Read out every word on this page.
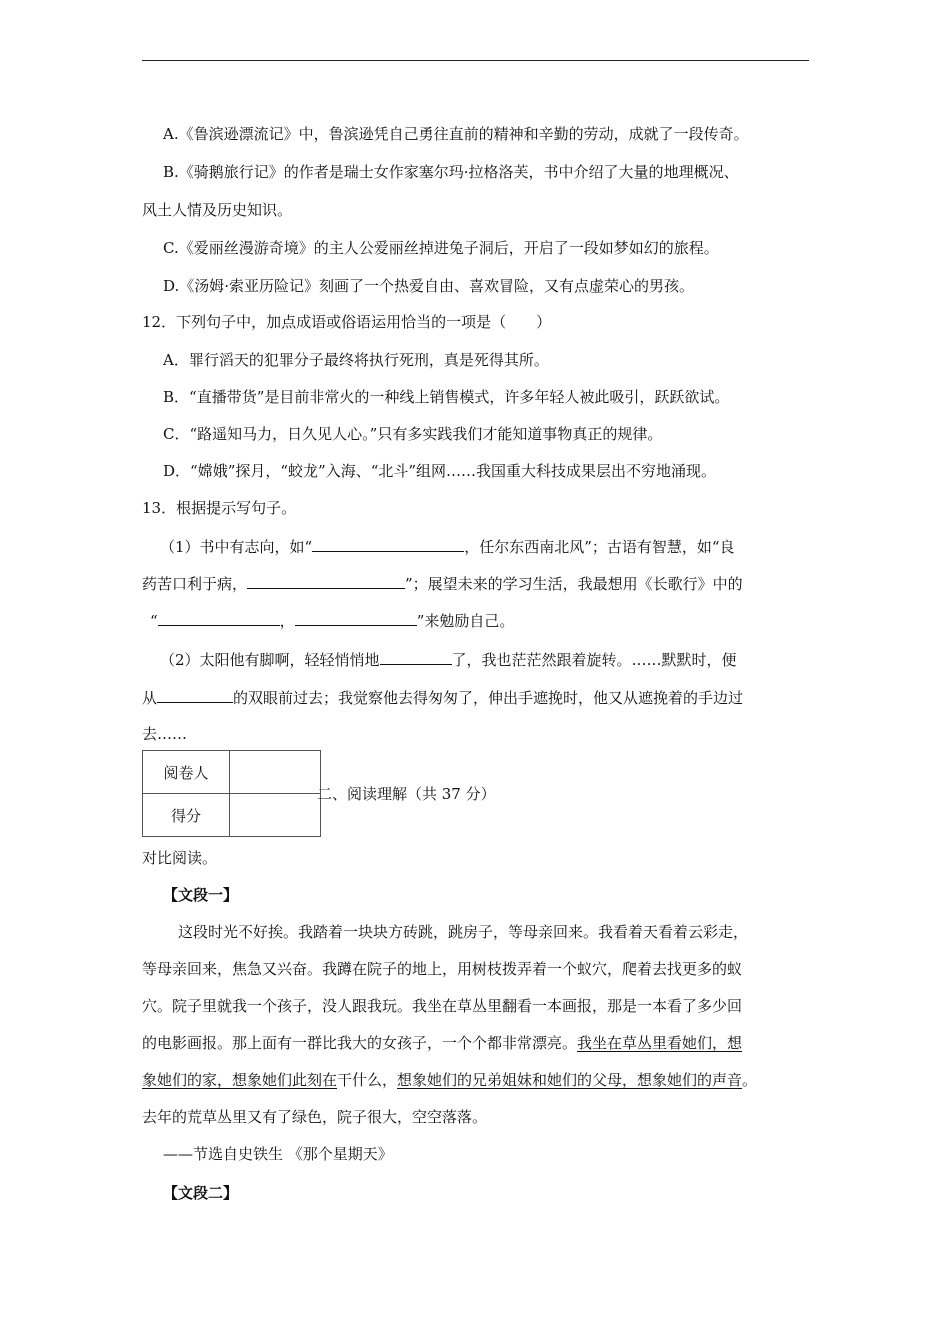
A.《鲁滨逊漂流记》中，鲁滨逊凭自己勇往直前的精神和辛勤的劳动，成就了一段传奇。
B.《骑鹅旅行记》的作者是瑞士女作家塞尔玛·拉格洛芙，书中介绍了大量的地理概况、
风土人情及历史知识。
C.《爱丽丝漫游奇境》的主人公爱丽丝掉进兔子洞后，开启了一段如梦如幻的旅程。
D.《汤姆·索亚历险记》刻画了一个热爱自由、喜欢冒险，又有点虚荣心的男孩。
12．下列句子中，加点成语或俗语运用恰当的一项是（　　）
A．罪行滔天的犯罪分子最终将执行死刑，真是死得其所。
B．“直播带货”是目前非常火的一种线上销售模式，许多年轻人被此吸引，跃跃欲试。
C．“路遥知马力，日久见人心。”只有多实践我们才能知道事物真正的规律。
D．“嫦娥”探月，“蛟龙”入海、“北斗”组网……我国重大科技成果层出不穷地涌现。
13．根据提示写句子。
（1）书中有志向，如“	，任尔东西南北风”；古语有智慧，如“良
药苦口利于病，	”；展望未来的学习生活，我最想用《长歌行》中的
“	，	”来勉励自己。
（2）太阳他有脚啊，轻轻悄悄地	了，我也茫茫然跟着旋转。……默默时，便
从	的双眼前过去；我觉察他去得匆匆了，伸出手遮挽时，他又从遮挽着的手边过
去……
阅卷人	
得分	
二、阅读理解（共 37 分）
对比阅读。
【文段一】
这段时光不好挨。我踏着一块块方砖跳，跳房子，等母亲回来。我看着天看着云彩走，
等母亲回来，焦急又兴奋。我蹲在院子的地上，用树枝拨弄着一个蚁穴，爬着去找更多的蚁
穴。院子里就我一个孩子，没人跟我玩。我坐在草丛里翻看一本画报，那是一本看了多少回
的电影画报。那上面有一群比我大的女孩子，一个个都非常漂亮。我坐在草丛里看她们，想
象她们的家，想象她们此刻在干什么，想象她们的兄弟姐妹和她们的父母，想象她们的声音。
去年的荒草丛里又有了绿色，院子很大，空空落落。
——节选自史铁生 《那个星期天》
【文段二】
